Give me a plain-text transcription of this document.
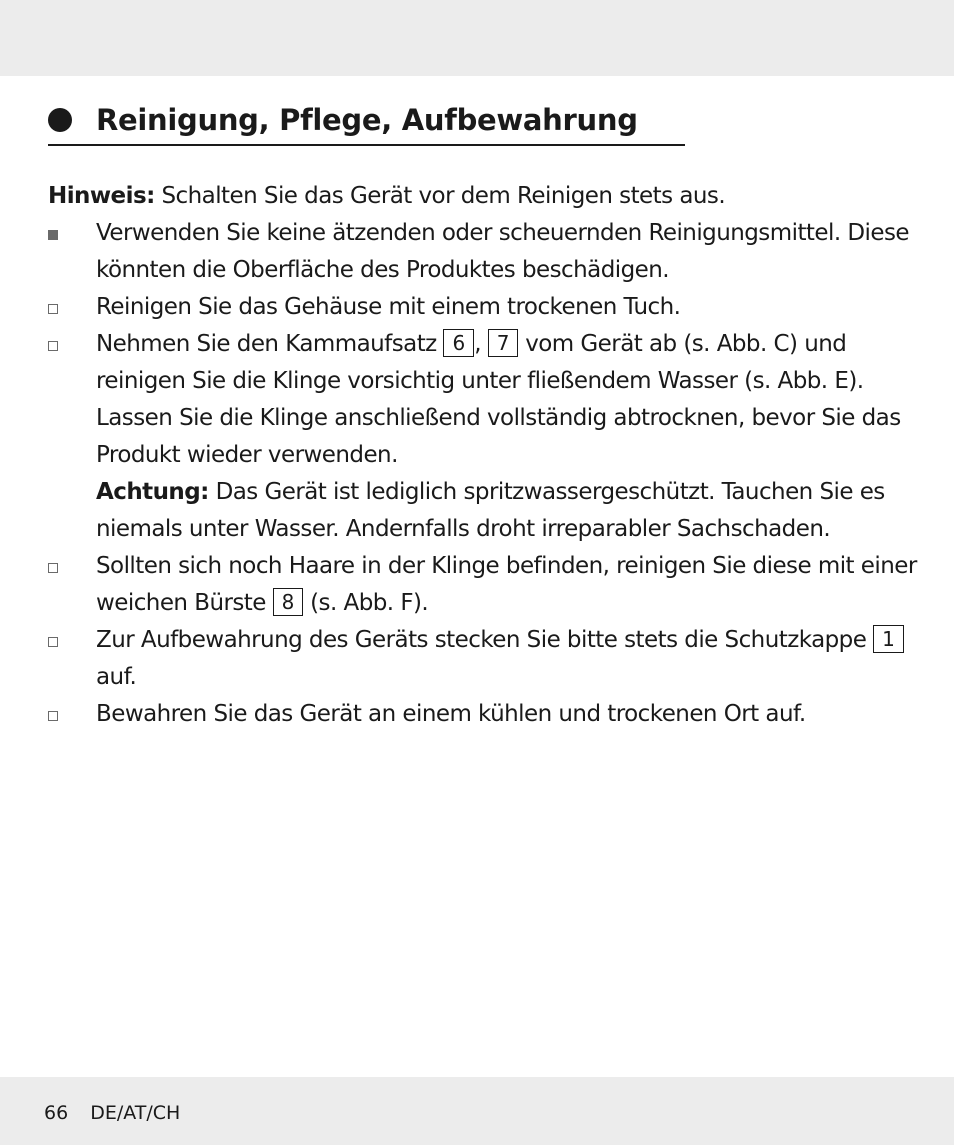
Reinigung, Pflege, Aufbewahrung

Hinweis: Schalten Sie das Gerät vor dem Reinigen stets aus.

Verwenden Sie keine ätzenden oder scheuernden Reinigungsmittel. Diese könnten die Oberfläche des Produktes beschädigen.
Reinigen Sie das Gehäuse mit einem trockenen Tuch.
Nehmen Sie den Kammaufsatz 6 , 7 vom Gerät ab (s. Abb. C) und reinigen Sie die Klinge vorsichtig unter fließendem Wasser (s. Abb. E). Lassen Sie die Klinge anschließend vollständig abtrocknen, bevor Sie das Produkt wieder verwenden.
Achtung: Das Gerät ist lediglich spritzwassergeschützt. Tauchen Sie es niemals unter Wasser. Andernfalls droht irreparabler Sachschaden.
Sollten sich noch Haare in der Klinge befinden, reinigen Sie diese mit einer weichen Bürste 8 (s. Abb. F).
Zur Aufbewahrung des Geräts stecken Sie bitte stets die Schutzkappe 1 auf.
Bewahren Sie das Gerät an einem kühlen und trockenen Ort auf.
66 DE/AT/CH
